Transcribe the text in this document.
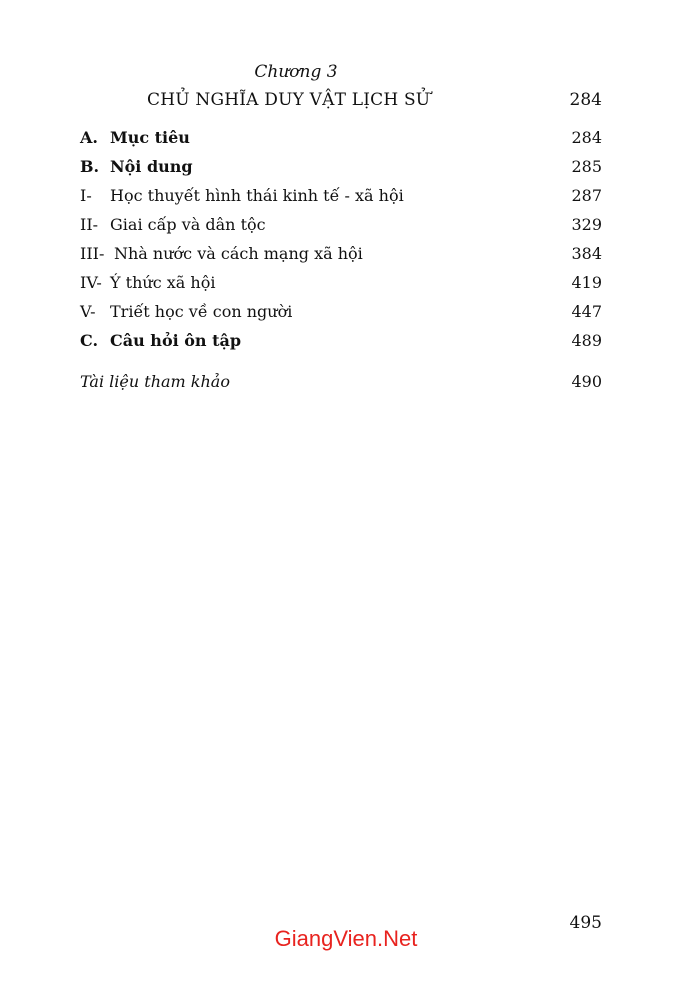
Chương 3
CHỦ NGHĨA DUY VẬT LỊCH SỬ	284
A. Mục tiêu	284
B. Nội dung	285
I-	Học thuyết hình thái kinh tế - xã hội	287
II- Giai cấp và dân tộc	329
III- Nhà nước và cách mạng xã hội	384
IV- Ý thức xã hội	419
V- Triết học về con người	447
C. Câu hỏi ôn tập	489
Tài liệu tham khảo	490
495
GiangVien.Net
